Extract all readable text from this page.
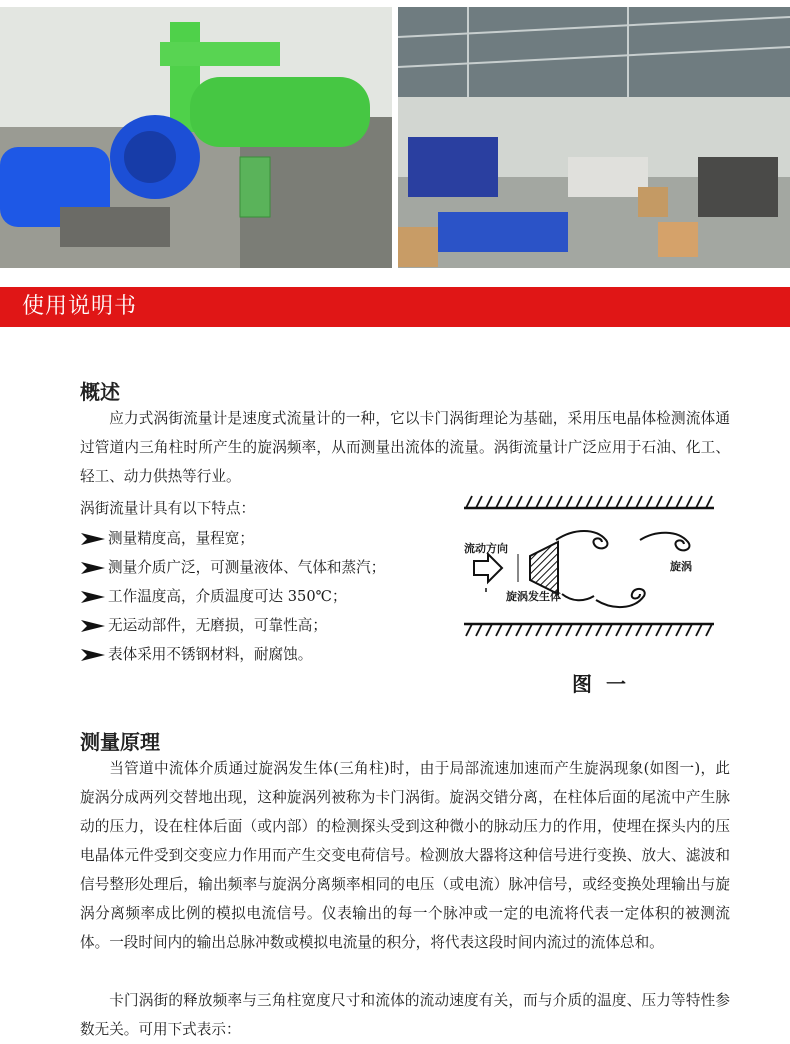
使用说明书
概述

应力式涡街流量计是速度式流量计的一种，它以卡门涡街理论为基础，采用压电晶体检测流体通过管道内三角柱时所产生的旋涡频率，从而测量出流体的流量。涡街流量计广泛应用于石油、化工、轻工、动力供热等行业。

涡街流量计具有以下特点：
测量精度高，量程宽；
测量介质广泛，可测量液体、气体和蒸汽；
工作温度高，介质温度可达 350℃；
无运动部件，无磨损，可靠性高；
表体采用不锈钢材料，耐腐蚀。
流动方向
旋涡
旋涡发生体
图一
测量原理

当管道中流体介质通过旋涡发生体(三角柱)时，由于局部流速加速而产生旋涡现象(如图一)，此旋涡分成两列交替地出现，这种旋涡列被称为卡门涡街。旋涡交错分离，在柱体后面的尾流中产生脉动的压力，设在柱体后面（或内部）的检测探头受到这种微小的脉动压力的作用，使埋在探头内的压电晶体元件受到交变应力作用而产生交变电荷信号。检测放大器将这种信号进行变换、放大、滤波和信号整形处理后，输出频率与旋涡分离频率相同的电压（或电流）脉冲信号，或经变换处理输出与旋涡分离频率成比例的模拟电流信号。仪表输出的每一个脉冲或一定的电流将代表一定体积的被测流体。一段时间内的输出总脉冲数或模拟电流量的积分，将代表这段时间内流过的流体总和。

卡门涡街的释放频率与三角柱宽度尺寸和流体的流动速度有关，而与介质的温度、压力等特性参数无关。可用下式表示：
